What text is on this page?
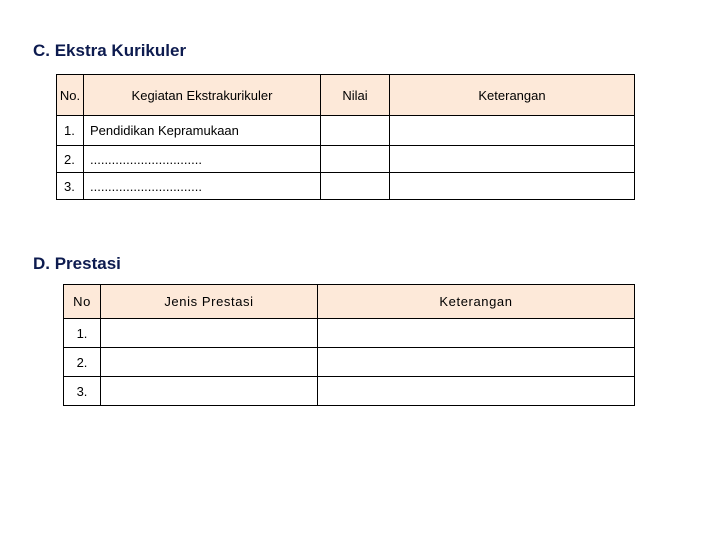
C. Ekstra Kurikuler
No.	Kegiatan Ekstrakurikuler	Nilai	Keterangan
1.	Pendidikan Kepramukaan		
2.	...............................		
3.	...............................		
D. Prestasi
No	Jenis Prestasi	Keterangan
1.		
2.		
3.		
